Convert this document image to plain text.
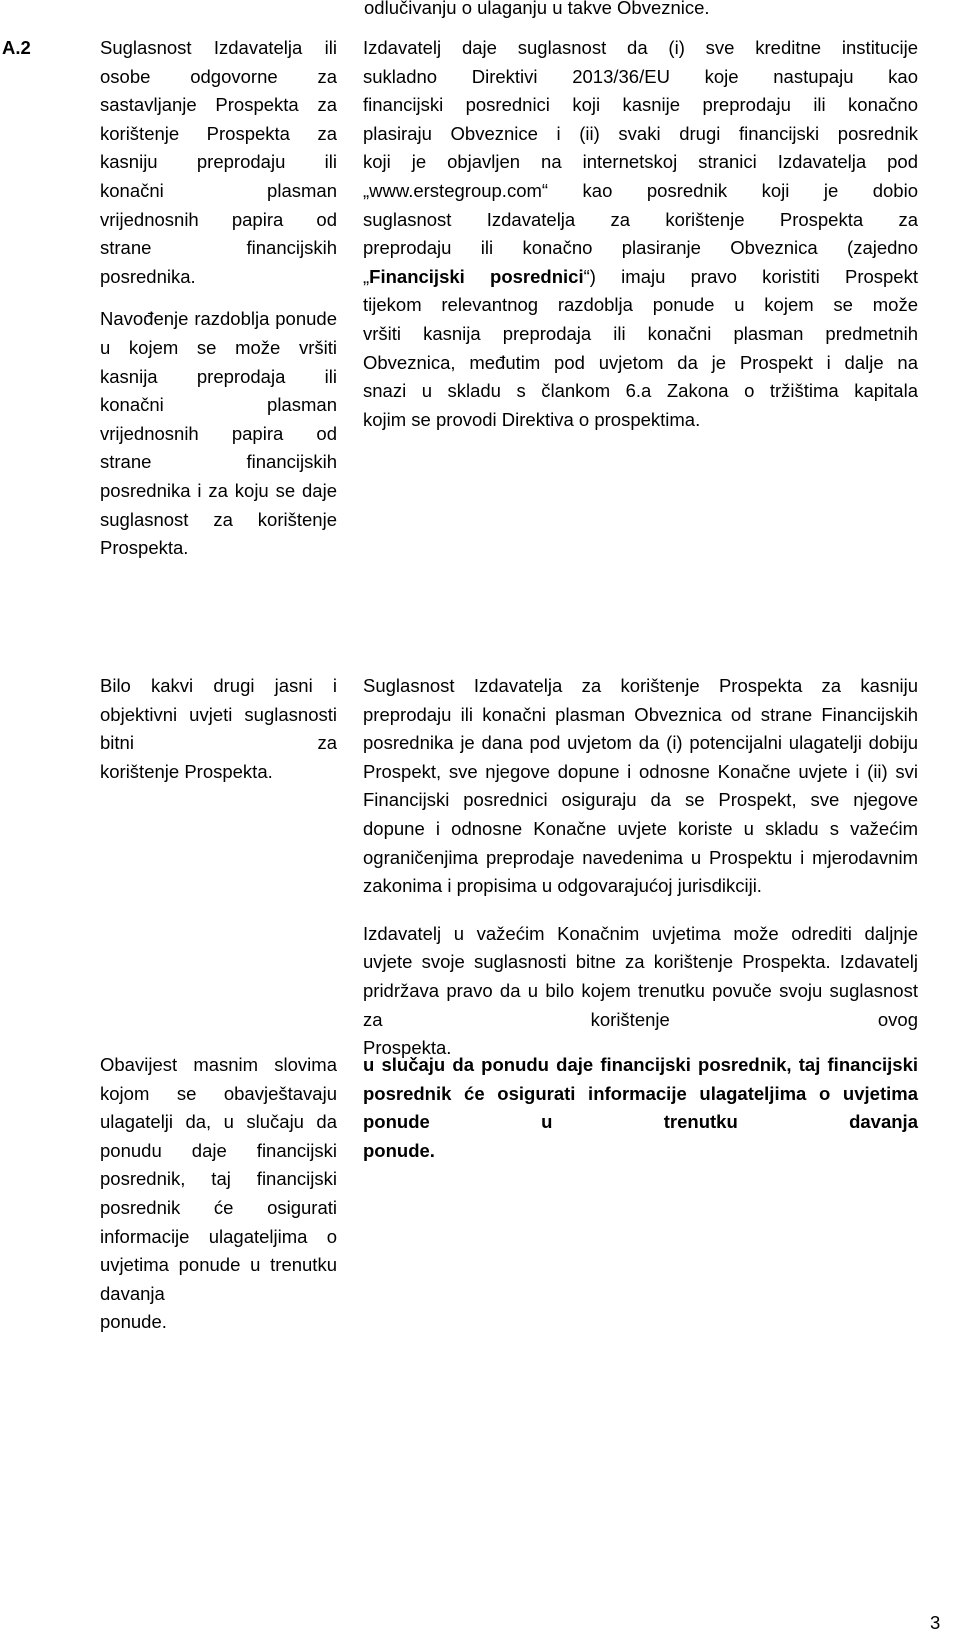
odlučivanju o ulaganju u takve Obveznice.
A.2	Suglasnost Izdavatelja ili osobe odgovorne za sastavljanje Prospekta za korištenje Prospekta za kasniju preprodaju ili konačni plasman vrijednosnih papira od strane financijskih
posrednika.
Navođenje razdoblja ponude u kojem se može vršiti kasnija preprodaja ili konačni plasman vrijednosnih papira od strane financijskih posrednika i za koju se daje suglasnost za korištenje
Prospekta.
Izdavatelj daje suglasnost da (i) sve kreditne institucije
sukladno Direktivi 2013/36/EU koje nastupaju kao
financijski posrednici koji kasnije preprodaju ili konačno
plasiraju Obveznice i (ii) svaki drugi financijski posrednik
koji je objavljen na internetskoj stranici Izdavatelja pod
„www.erstegroup.com“ kao posrednik koji je dobio
suglasnost Izdavatelja za korištenje Prospekta za
preprodaju ili konačno plasiranje Obveznica (zajedno
„Financijski posrednici“) imaju pravo koristiti Prospekt
tijekom relevantnog razdoblja ponude u kojem se može
vršiti kasnija preprodaja ili konačni plasman predmetnih
Obveznica, međutim pod uvjetom da je Prospekt i dalje na
snazi u skladu s člankom 6.a Zakona o tržištima kapitala
kojim se provodi Direktiva o prospektima.
Bilo kakvi drugi jasni i objektivni uvjeti suglasnosti bitni za
korištenje Prospekta.
Suglasnost Izdavatelja za korištenje Prospekta za kasniju preprodaju ili konačni plasman Obveznica od strane Financijskih posrednika je dana pod uvjetom da (i) potencijalni ulagatelji dobiju Prospekt, sve njegove dopune i odnosne Konačne uvjete i (ii) svi Financijski posrednici osiguraju da se Prospekt, sve njegove dopune i odnosne Konačne uvjete koriste u skladu s važećim ograničenjima preprodaje navedenima u Prospektu i mjerodavnim
zakonima i propisima u odgovarajućoj jurisdikciji.
Izdavatelj u važećim Konačnim uvjetima može odrediti daljnje uvjete svoje suglasnosti bitne za korištenje Prospekta. Izdavatelj pridržava pravo da u bilo kojem trenutku povuče svoju suglasnost za korištenje ovog
Prospekta.
Obavijest masnim slovima kojom se obavještavaju ulagatelji da, u slučaju da ponudu daje financijski posrednik, taj financijski posrednik će osigurati informacije ulagateljima o uvjetima ponude u trenutku davanja
ponude.
u slučaju da ponudu daje financijski posrednik, taj financijski posrednik će osigurati informacije ulagateljima o uvjetima ponude u trenutku davanja
ponude.
3
